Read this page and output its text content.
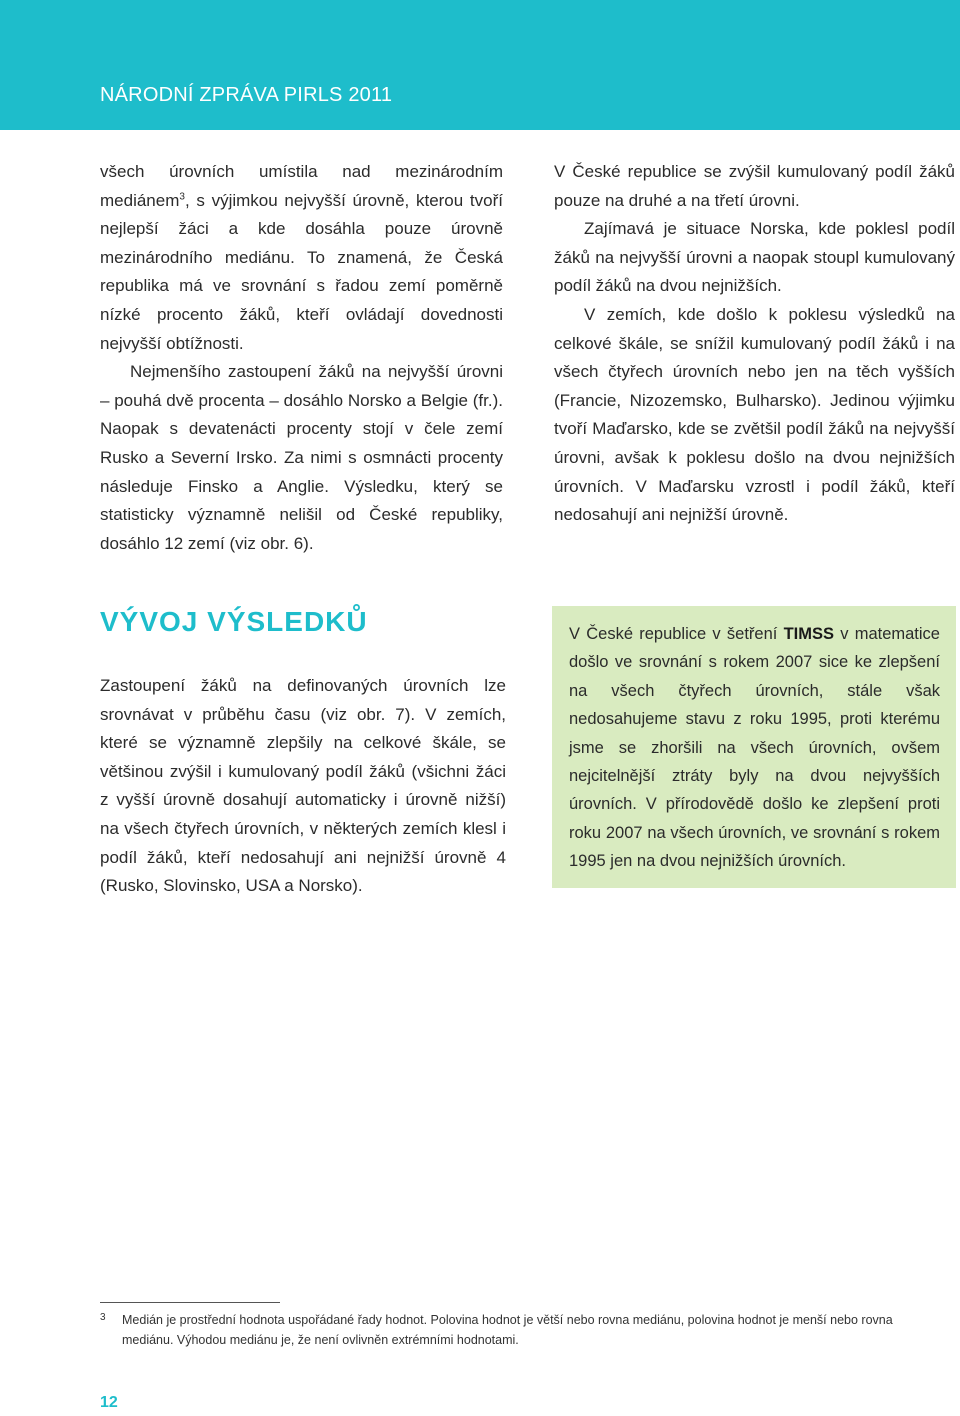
NÁRODNÍ ZPRÁVA PIRLS 2011

všech úrovních umístila nad mezinárodním mediánem$^3$, s výjimkou nejvyšší úrovně, kterou tvoří nejlepší žáci a kde dosáhla pouze úrovně mezinárodního mediánu. To znamená, že Česká republika má ve srovnání s řadou zemí poměrně nízké procento žáků, kteří ovládají dovednosti nejvyšší obtížnosti.

Nejmenšího zastoupení žáků na nejvyšší úrovni – pouhá dvě procenta – dosáhlo Norsko a Belgie (fr.). Naopak s devatenácti procenty stojí v čele zemí Rusko a Severní Irsko. Za nimi s osmnácti procenty následuje Finsko a Anglie. Výsledku, který se statisticky významně nelišil od České republiky, dosáhlo 12 zemí (viz obr. 6).

V České republice se zvýšil kumulovaný podíl žáků pouze na druhé a na třetí úrovni.

Zajímavá je situace Norska, kde poklesl podíl žáků na nejvyšší úrovni a naopak stoupl kumulovaný podíl žáků na dvou nejnižších.

V zemích, kde došlo k poklesu výsledků na celkové škále, se snížil kumulovaný podíl žáků i na všech čtyřech úrovních nebo jen na těch vyšších (Francie, Nizozemsko, Bulharsko). Jedinou výjimku tvoří Maďarsko, kde se zvětšil podíl žáků na nejvyšší úrovni, avšak k poklesu došlo na dvou nejnižších úrovních. V Maďarsku vzrostl i podíl žáků, kteří nedosahují ani nejnižší úrovně.

VÝVOJ VÝSLEDKŮ

Zastoupení žáků na definovaných úrovních lze srovnávat v průběhu času (viz obr. 7). V zemích, které se významně zlepšily na celkové škále, se většinou zvýšil i kumulovaný podíl žáků (všichni žáci z vyšší úrovně dosahují automaticky i úrovně nižší) na všech čtyřech úrovních, v některých zemích klesl i podíl žáků, kteří nedosahují ani nejnižší úrovně 4 (Rusko, Slovinsko, USA a Norsko).

V České republice v šetření TIMSS v matematice došlo ve srovnání s rokem 2007 sice ke zlepšení na všech čtyřech úrovních, stále však nedosahujeme stavu z roku 1995, proti kterému jsme se zhoršili na všech úrovních, ovšem nejcitelnější ztráty byly na dvou nejvyšších úrovních. V přírodovědě došlo ke zlepšení proti roku 2007 na všech úrovních, ve srovnání s rokem 1995 jen na dvou nejnižších úrovních.

3	Medián je prostřední hodnota uspořádané řady hodnot. Polovina hodnot je větší nebo rovna mediánu, polovina hodnot je menší nebo rovna mediánu. Výhodou mediánu je, že není ovlivněn extrémními hodnotami.

12
